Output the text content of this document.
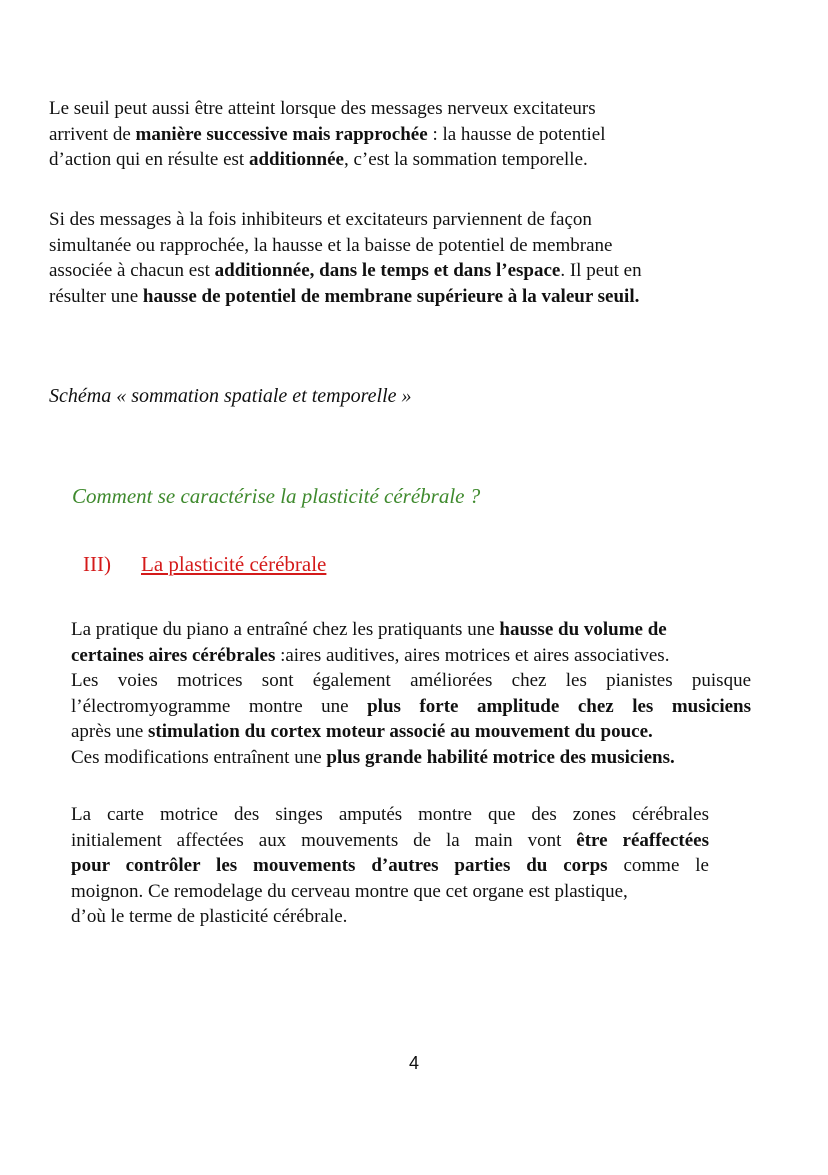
Le seuil peut aussi être atteint lorsque des messages nerveux excitateurs
arrivent de manière successive mais rapprochée : la hausse de potentiel
d’action qui en résulte est additionnée, c’est la sommation temporelle.
Si des messages à la fois inhibiteurs et excitateurs parviennent de façon
simultanée ou rapprochée, la hausse et la baisse de potentiel de membrane
associée à chacun est additionnée, dans le temps et dans l’espace. Il peut en
résulter une hausse de potentiel de membrane supérieure à la valeur seuil.
Schéma « sommation spatiale et temporelle »
Comment se caractérise la plasticité cérébrale ?
III) La plasticité cérébrale
La pratique du piano a entraîné chez les pratiquants une hausse du volume de
certaines aires cérébrales :aires auditives, aires motrices et aires associatives.
Les voies motrices sont également améliorées chez les pianistes puisque
l’électromyogramme montre une plus forte amplitude chez les musiciens
après une stimulation du cortex moteur associé au mouvement du pouce.
Ces modifications entraînent une plus grande habilité motrice des musiciens.
La carte motrice des singes amputés montre que des zones cérébrales
initialement affectées aux mouvements de la main vont être réaffectées
pour contrôler les mouvements d’autres parties du corps comme le
moignon. Ce remodelage du cerveau montre que cet organe est plastique,
d’où le terme de plasticité cérébrale.
4
